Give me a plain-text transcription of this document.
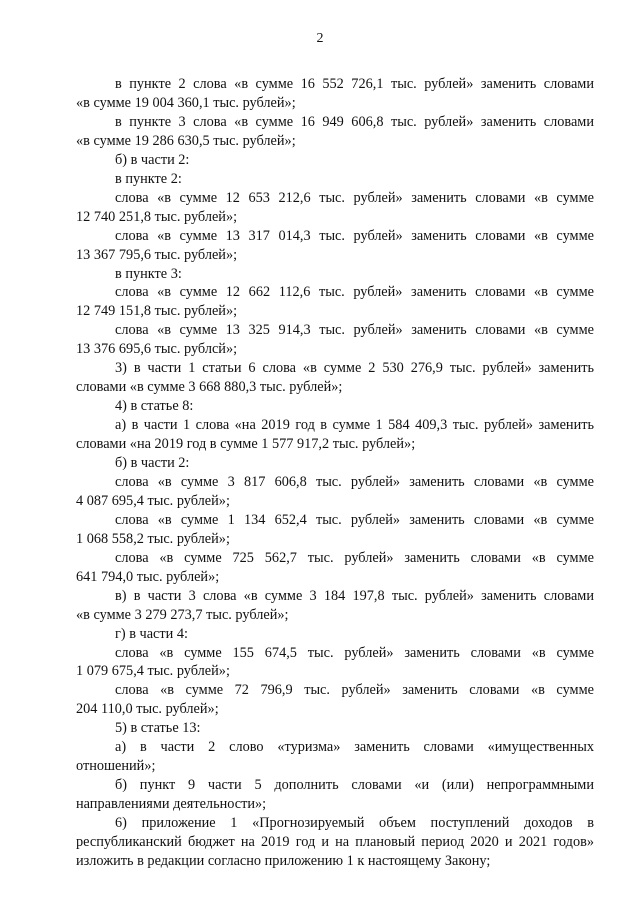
2
в пункте 2 слова «в сумме 16 552 726,1 тыс. рублей» заменить словами
«в сумме 19 004 360,1 тыс. рублей»;
в пункте 3 слова «в сумме 16 949 606,8 тыс. рублей» заменить словами
«в сумме 19 286 630,5 тыс. рублей»;
б) в части 2:
в пункте 2:
слова «в сумме 12 653 212,6 тыс. рублей» заменить словами «в сумме
12 740 251,8 тыс. рублей»;
слова «в сумме 13 317 014,3 тыс. рублей» заменить словами «в сумме
13 367 795,6 тыс. рублей»;
в пункте 3:
слова «в сумме 12 662 112,6 тыс. рублей» заменить словами «в сумме
12 749 151,8 тыс. рублей»;
слова «в сумме 13 325 914,3 тыс. рублей» заменить словами «в сумме
13 376 695,6 тыс. рублсй»;
3) в части 1 статьи 6 слова «в сумме 2 530 276,9 тыс. рублей» заменить
словами «в сумме 3 668 880,3 тыс. рублей»;
4) в статье 8:
а) в части 1 слова «на 2019 год в сумме 1 584 409,3 тыс. рублей» заменить
словами «на 2019 год в сумме 1 577 917,2 тыс. рублей»;
б) в части 2:
слова «в сумме 3 817 606,8 тыс. рублей» заменить словами «в сумме
4 087 695,4 тыс. рублей»;
слова «в сумме 1 134 652,4 тыс. рублей» заменить словами «в сумме
1 068 558,2 тыс. рублей»;
слова «в сумме 725 562,7 тыс. рублей» заменить словами «в сумме
641 794,0 тыс. рублей»;
в) в части 3 слова «в сумме 3 184 197,8 тыс. рублей» заменить словами
«в сумме 3 279 273,7 тыс. рублей»;
г) в части 4:
слова «в сумме 155 674,5 тыс. рублей» заменить словами «в сумме
1 079 675,4 тыс. рублей»;
слова «в сумме 72 796,9 тыс. рублей» заменить словами «в сумме
204 110,0 тыс. рублей»;
5) в статье 13:
а) в части 2 слово «туризма» заменить словами «имущественных
отношений»;
б) пункт 9 части 5 дополнить словами «и (или) непрограммными
направлениями деятельности»;
6) приложение 1 «Прогнозируемый объем поступлений доходов в
республиканский бюджет на 2019 год и на плановый период 2020 и 2021 годов»
изложить в редакции согласно приложению 1 к настоящему Закону;
